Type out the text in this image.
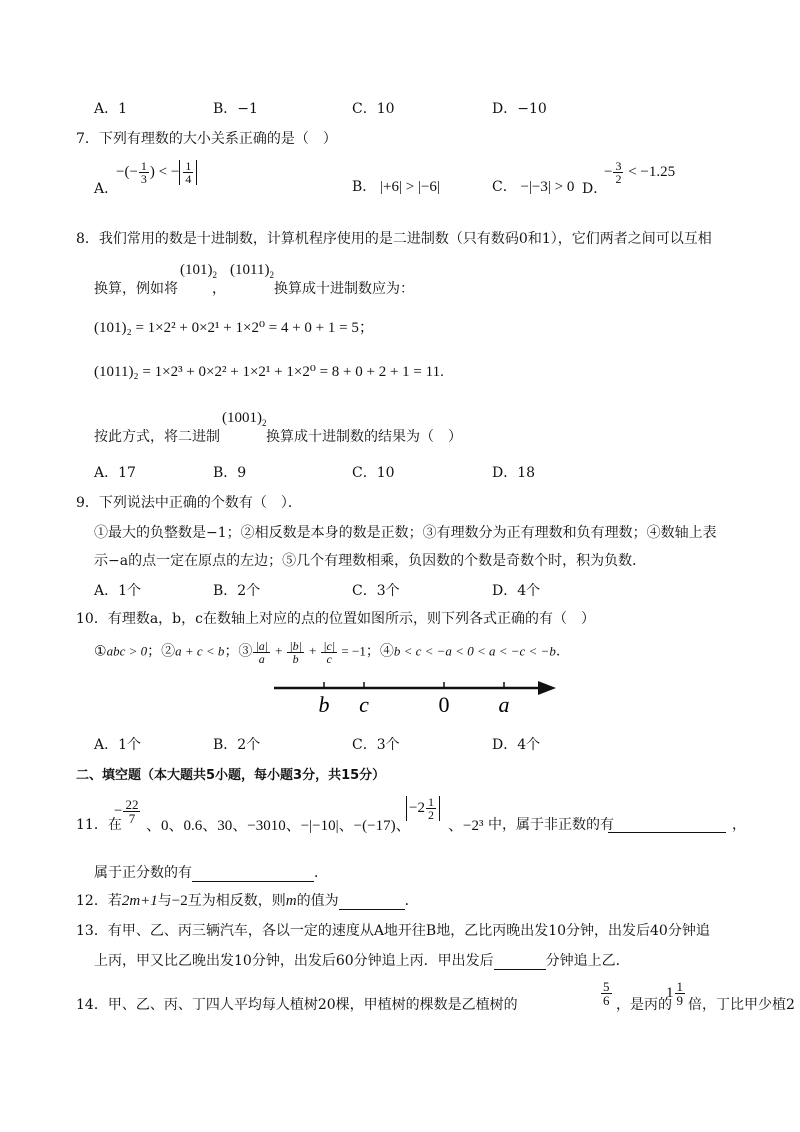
A．1	B．−1	C．10	D．−10
7．下列有理数的大小关系正确的是（　）
A．
−(− $\frac{1}{3}$ ) < − $\frac{1}{4}$
B． |+6| > |−6|	C． −|−3| > 0 D．
− $\frac{3}{2} < -1.25$
8．我们常用的数是十进制数，计算机程序使用的是二进制数（只有数码0和1），它们两者之间可以互相
换算，例如将
$(101)_2$
，
$(1011)_2$
换算成十进制数应为：
(101)₂ = 1×2² + 0×2¹ + 1×2⁰ = 4 + 0 + 1 = 5；
(1011)₂ = 1×2³ + 0×2² + 1×2¹ + 1×2⁰ = 8 + 0 + 2 + 1 = 11.
按此方式，将二进制
$(1001)_2$
换算成十进制数的结果为（　）
A．17	B．9	C．10	D．18
9．下列说法中正确的个数有（　）．
①最大的负整数是−1；②相反数是本身的数是正数；③有理数分为正有理数和负有理数；④数轴上表
示−a的点一定在原点的左边；⑤几个有理数相乘，负因数的个数是奇数个时，积为负数．
A．1个	B．2个	C．3个	D．4个
10．有理数a，b，c在数轴上对应的点的位置如图所示，则下列各式正确的有（　）
①abc > 0；②a + c < b；③ $\frac{|a|}{a} + \frac{|b|}{b} + \frac{|c|}{c} = -1$；④b < c < −a < 0 < a < −c < −b.
b c	0 a
A．1个	B．2个	C．3个	D．4个
二、填空题（本大题共5小题，每小题3分，共15分）
11．在
− $\frac{22}{7}$
、0、0.6、30、−3010、−|−10|、−(−17)、
$-2 \frac{1}{2}$
、−2³ 中，属于非正数的有	，
属于正分数的有	．
12．若2m+1与−2互为相反数，则m的值为	．
13．有甲、乙、丙三辆汽车，各以一定的速度从A地开往B地，乙比丙晚出发10分钟，出发后40分钟追
上丙，甲又比乙晚出发10分钟，出发后60分钟追上丙．甲出发后	分钟追上乙．
14．甲、乙、丙、丁四人平均每人植树20棵，甲植树的棵数是乙植树的	$\frac{5}{6}$ ，是丙的
$1 \frac{1}{9}$ 倍，丁比甲少植2
